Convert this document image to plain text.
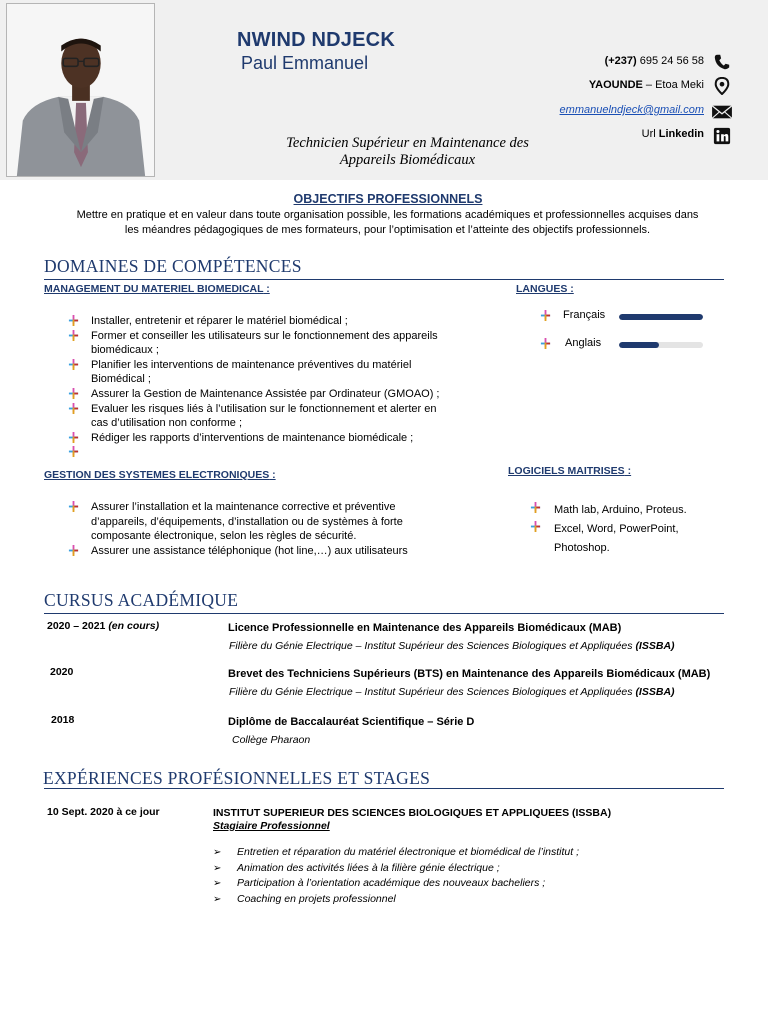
NWIND NDJECK
Paul Emmanuel
Technicien Supérieur en Maintenance des
Appareils Biomédicaux
(+237) 695 24 56 58
YAOUNDE – Etoa Meki
emmanuelndjeck@gmail.com
Url Linkedin
OBJECTIFS PROFESSIONNELS
Mettre en pratique et en valeur dans toute organisation possible, les formations académiques et professionnelles acquises dans
les méandres pédagogiques de mes formateurs, pour l’optimisation et l’atteinte des objectifs professionnels.
DOMAINES DE COMPÉTENCES
MANAGEMENT DU MATERIEL BIOMEDICAL :
Installer, entretenir et réparer le matériel biomédical ;
Former et conseiller les utilisateurs sur le fonctionnement des appareils
biomédicaux ;
Planifier les interventions de maintenance préventives du matériel
Biomédical ;
Assurer la Gestion de Maintenance Assistée par Ordinateur (GMOAO) ;
Evaluer les risques liés à l’utilisation sur le fonctionnement et alerter en
cas d’utilisation non conforme ;
Rédiger les rapports d’interventions de maintenance biomédicale ;
LANGUES :
Français
Anglais
GESTION DES SYSTEMES ELECTRONIQUES :
Assurer l’installation et la maintenance corrective et préventive
d’appareils, d’équipements, d’installation ou de systèmes à forte
composante électronique, selon les règles de sécurité.
Assurer une assistance téléphonique (hot line,…) aux utilisateurs
LOGICIELS MAITRISES :
Math lab, Arduino, Proteus.
Excel, Word, PowerPoint,
Photoshop.
CURSUS ACADÉMIQUE
2020 – 2021 (en cours)	Licence Professionnelle en Maintenance des Appareils Biomédicaux (MAB)
Filière du Génie Electrique – Institut Supérieur des Sciences Biologiques et Appliquées (ISSBA)
2020	Brevet des Techniciens Supérieurs (BTS) en Maintenance des Appareils Biomédicaux (MAB)
Filière du Génie Electrique – Institut Supérieur des Sciences Biologiques et Appliquées (ISSBA)
2018	Diplôme de Baccalauréat Scientifique – Série D
Collège Pharaon
EXPÉRIENCES PROFÉSIONNELLES ET STAGES
10 Sept. 2020 à ce jour	INSTITUT SUPERIEUR DES SCIENCES BIOLOGIQUES ET APPLIQUEES (ISSBA)
Stagiaire Professionnel
➢ Entretien et réparation du matériel électronique et biomédical de l’institut ;
➢ Animation des activités liées à la filière génie électrique ;
➢ Participation à l’orientation académique des nouveaux bacheliers ;
➢ Coaching en projets professionnel
